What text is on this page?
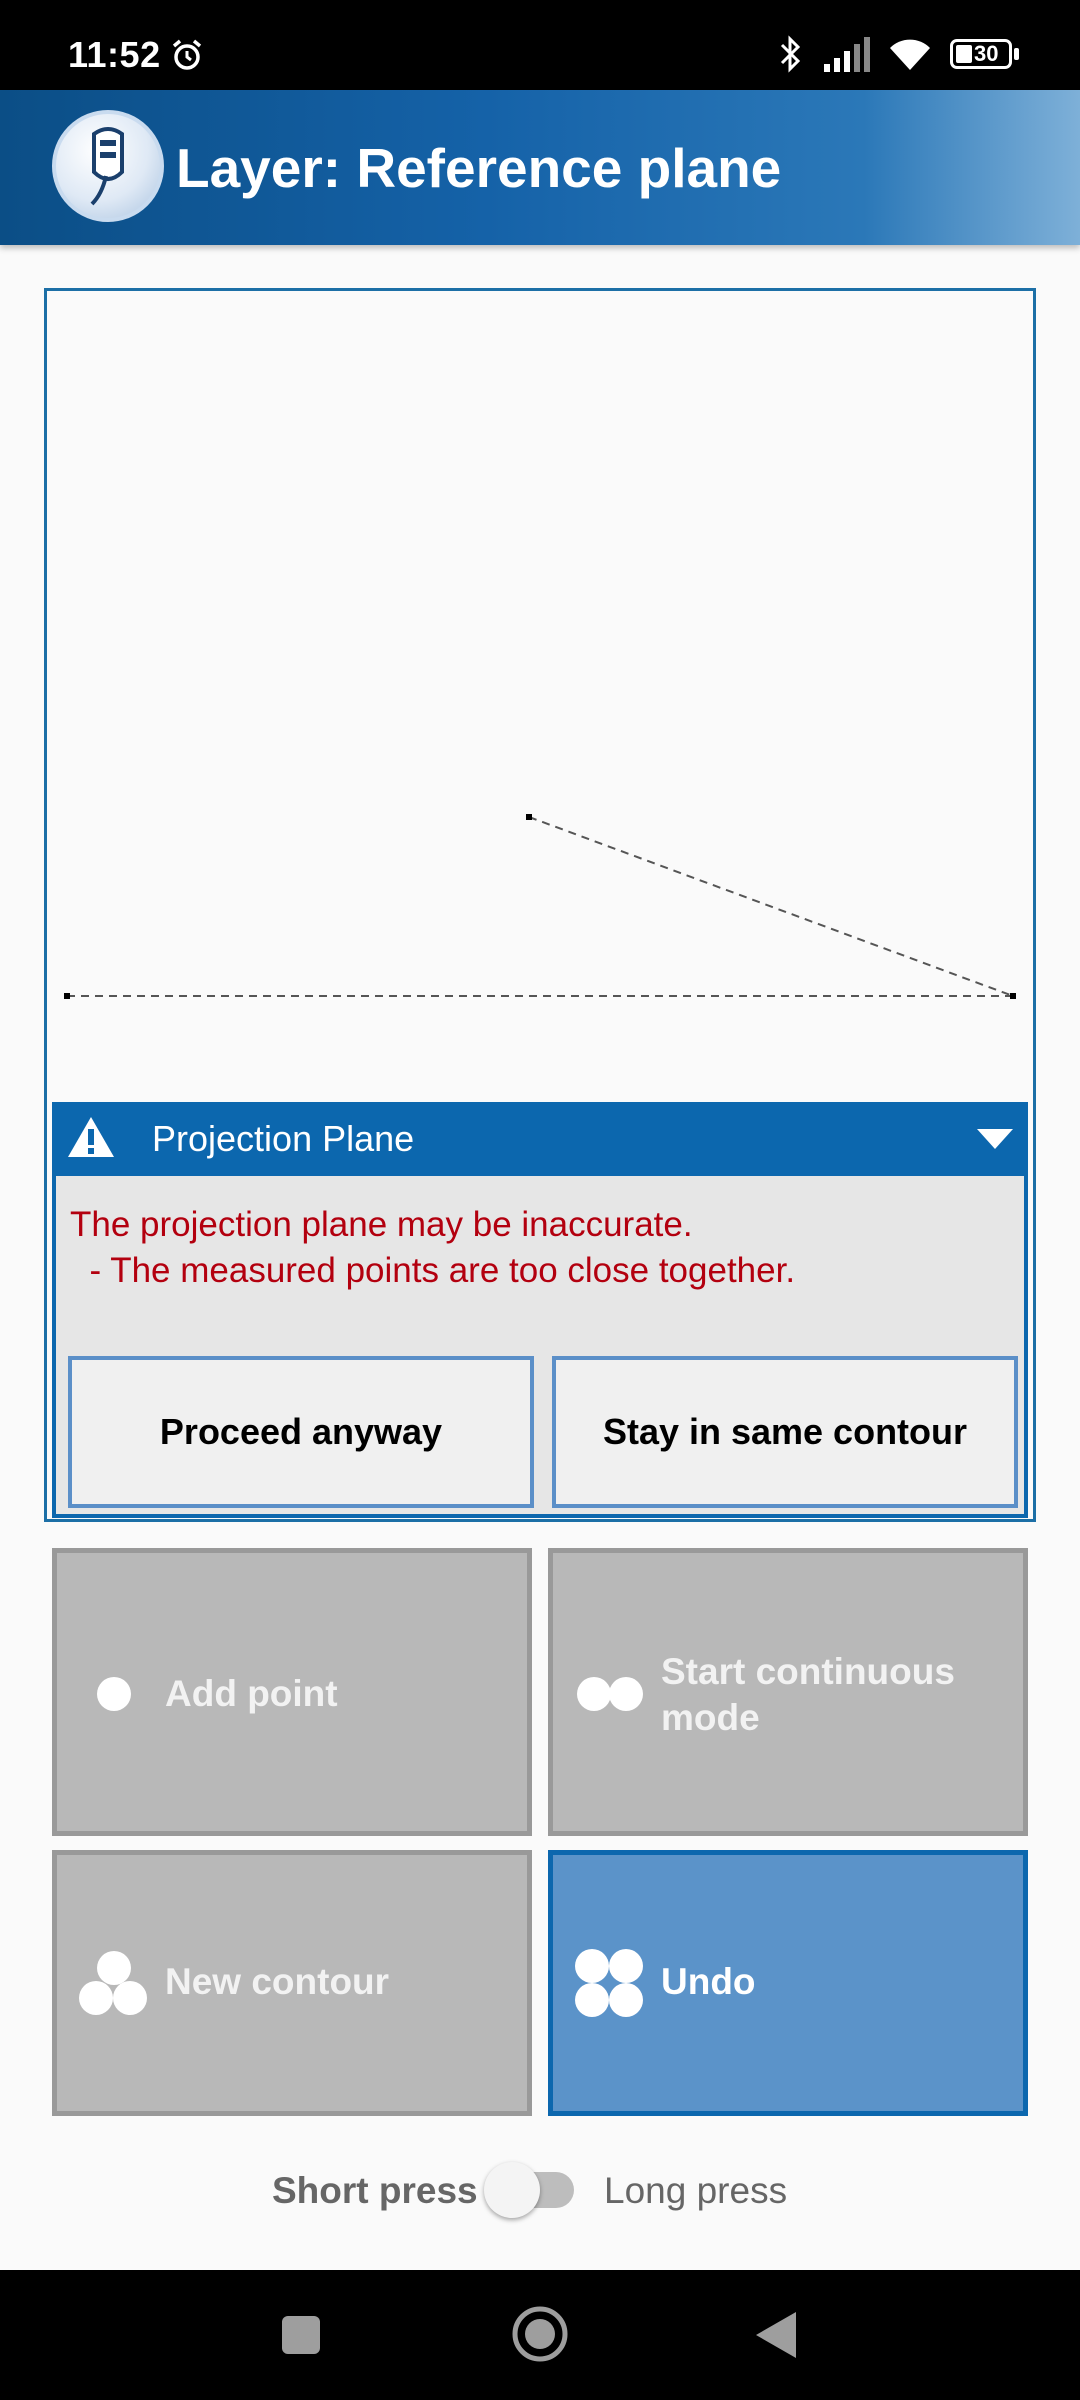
11:52	30
Layer: Reference plane
Projection Plane
The projection plane may be inaccurate.
- The measured points are too close together.
Proceed anyway	Stay in same contour
Add point
Start continuous
mode
New contour	Undo
Short press	Long press
